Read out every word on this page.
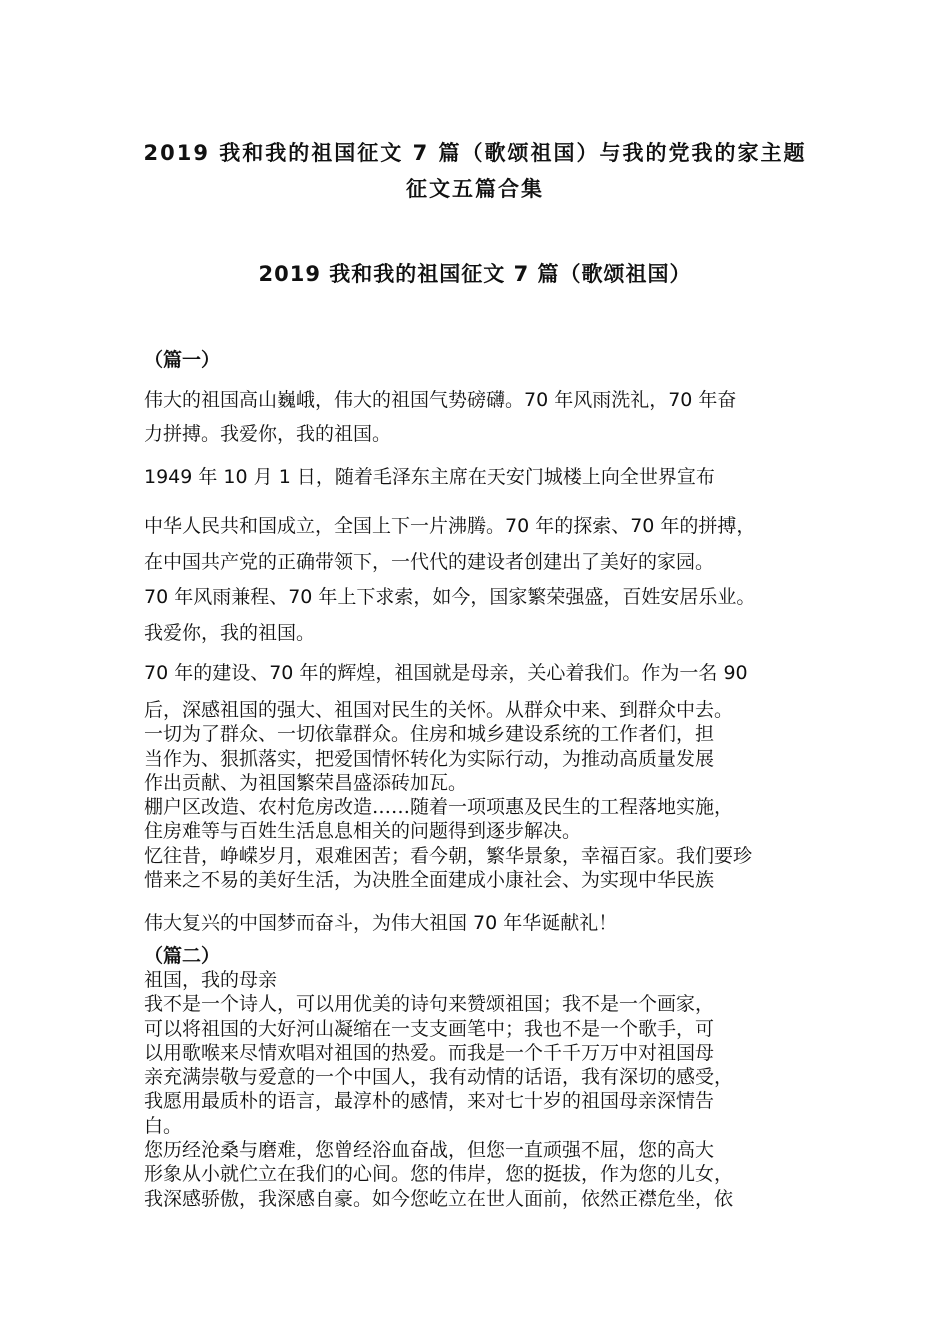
2019 我和我的祖国征文 7 篇（歌颂祖国）与我的党我的家主题
征文五篇合集
2019 我和我的祖国征文 7 篇（歌颂祖国）
（篇一）
伟大的祖国高山巍峨，伟大的祖国气势磅礴。70 年风雨洗礼，70 年奋
力拼搏。我爱你，我的祖国。
1949 年 10 月 1 日，随着毛泽东主席在天安门城楼上向全世界宣布
中华人民共和国成立，全国上下一片沸腾。70 年的探索、70 年的拼搏，
在中国共产党的正确带领下，一代代的建设者创建出了美好的家园。
70 年风雨兼程、70 年上下求索，如今，国家繁荣强盛，百姓安居乐业。
我爱你，我的祖国。
70 年的建设、70 年的辉煌，祖国就是母亲，关心着我们。作为一名 90
后，深感祖国的强大、祖国对民生的关怀。从群众中来、到群众中去。
一切为了群众、一切依靠群众。住房和城乡建设系统的工作者们，担
当作为、狠抓落实，把爱国情怀转化为实际行动，为推动高质量发展
作出贡献、为祖国繁荣昌盛添砖加瓦。
棚户区改造、农村危房改造……随着一项项惠及民生的工程落地实施，
住房难等与百姓生活息息相关的问题得到逐步解决。
忆往昔，峥嵘岁月，艰难困苦；看今朝，繁华景象，幸福百家。我们要珍
惜来之不易的美好生活，为决胜全面建成小康社会、为实现中华民族
伟大复兴的中国梦而奋斗，为伟大祖国 70 年华诞献礼！
（篇二）
祖国，我的母亲
我不是一个诗人，可以用优美的诗句来赞颂祖国；我不是一个画家，
可以将祖国的大好河山凝缩在一支支画笔中；我也不是一个歌手，可
以用歌喉来尽情欢唱对祖国的热爱。而我是一个千千万万中对祖国母
亲充满崇敬与爱意的一个中国人，我有动情的话语，我有深切的感受，
我愿用最质朴的语言，最淳朴的感情，来对七十岁的祖国母亲深情告
白。
您历经沧桑与磨难，您曾经浴血奋战，但您一直顽强不屈，您的高大
形象从小就伫立在我们的心间。您的伟岸，您的挺拔，作为您的儿女，
我深感骄傲，我深感自豪。如今您屹立在世人面前，依然正襟危坐，依
